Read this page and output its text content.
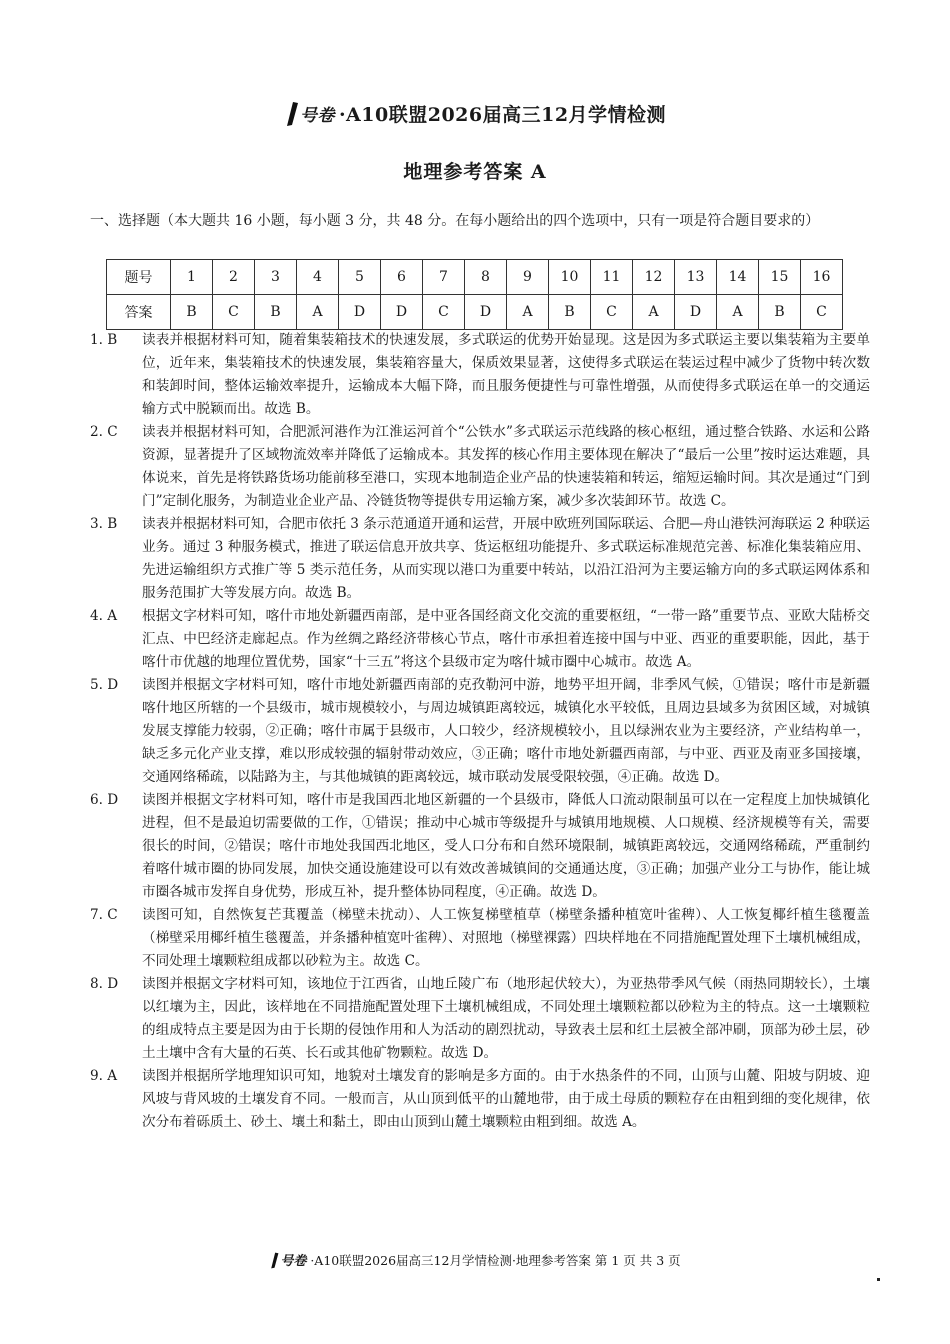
号卷 ·A10联盟2026届高三12月学情检测
地理参考答案 A
一、选择题（本大题共 16 小题，每小题 3 分，共 48 分。在每小题给出的四个选项中，只有一项是符合题目要求的）
题号	1	2	3	4	5	6	7	8	9	10	11	12	13	14	15	16
答案	B	C	B	A	D	D	C	D	A	B	C	A	D	A	B	C
1. B	读表并根据材料可知，随着集装箱技术的快速发展，多式联运的优势开始显现。这是因为多式联运主要以集装箱为主要单位，近年来，集装箱技术的快速发展，集装箱容量大，保质效果显著，这使得多式联运在装运过程中减少了货物中转次数和装卸时间，整体运输效率提升，运输成本大幅下降，而且服务便捷性与可靠性增强，从而使得多式联运在单一的交通运输方式中脱颖而出。故选 B。
2. C	读表并根据材料可知，合肥派河港作为江淮运河首个“公铁水”多式联运示范线路的核心枢纽，通过整合铁路、水运和公路资源，显著提升了区域物流效率并降低了运输成本。其发挥的核心作用主要体现在解决了“最后一公里”按时运达难题，具体说来，首先是将铁路货场功能前移至港口，实现本地制造企业产品的快速装箱和转运，缩短运输时间。其次是通过“门到门”定制化服务，为制造业企业产品、冷链货物等提供专用运输方案，减少多次装卸环节。故选 C。
3. B	读表并根据材料可知，合肥市依托 3 条示范通道开通和运营，开展中欧班列国际联运、合肥—舟山港铁河海联运 2 种联运业务。通过 3 种服务模式，推进了联运信息开放共享、货运枢纽功能提升、多式联运标准规范完善、标准化集装箱应用、先进运输组织方式推广等 5 类示范任务，从而实现以港口为重要中转站，以沿江沿河为主要运输方向的多式联运网体系和服务范围扩大等发展方向。故选 B。
4. A	根据文字材料可知，喀什市地处新疆西南部，是中亚各国经商文化交流的重要枢纽，“一带一路”重要节点、亚欧大陆桥交汇点、中巴经济走廊起点。作为丝绸之路经济带核心节点，喀什市承担着连接中国与中亚、西亚的重要职能，因此，基于喀什市优越的地理位置优势，国家“十三五”将这个县级市定为喀什城市圈中心城市。故选 A。
5. D	读图并根据文字材料可知，喀什市地处新疆西南部的克孜勒河中游，地势平坦开阔，非季风气候，①错误；喀什市是新疆喀什地区所辖的一个县级市，城市规模较小，与周边城镇距离较远，城镇化水平较低，且周边县域多为贫困区域，对城镇发展支撑能力较弱，②正确；喀什市属于县级市，人口较少，经济规模较小，且以绿洲农业为主要经济，产业结构单一，缺乏多元化产业支撑，难以形成较强的辐射带动效应，③正确；喀什市地处新疆西南部，与中亚、西亚及南亚多国接壤，交通网络稀疏，以陆路为主，与其他城镇的距离较远，城市联动发展受限较强，④正确。故选 D。
6. D	读图并根据文字材料可知，喀什市是我国西北地区新疆的一个县级市，降低人口流动限制虽可以在一定程度上加快城镇化进程，但不是最迫切需要做的工作，①错误；推动中心城市等级提升与城镇用地规模、人口规模、经济规模等有关，需要很长的时间，②错误；喀什市地处我国西北地区，受人口分布和自然环境限制，城镇距离较远，交通网络稀疏，严重制约着喀什城市圈的协同发展，加快交通设施建设可以有效改善城镇间的交通通达度，③正确；加强产业分工与协作，能让城市圈各城市发挥自身优势，形成互补，提升整体协同程度，④正确。故选 D。
7. C	读图可知，自然恢复芒萁覆盖（梯壁未扰动）、人工恢复梯壁植草（梯壁条播种植宽叶雀稗）、人工恢复椰纤植生毯覆盖（梯壁采用椰纤植生毯覆盖，并条播种植宽叶雀稗）、对照地（梯壁裸露）四块样地在不同措施配置处理下土壤机械组成，不同处理土壤颗粒组成都以砂粒为主。故选 C。
8. D	读图并根据文字材料可知，该地位于江西省，山地丘陵广布（地形起伏较大），为亚热带季风气候（雨热同期较长），土壤以红壤为主，因此，该样地在不同措施配置处理下土壤机械组成，不同处理土壤颗粒都以砂粒为主的特点。这一土壤颗粒的组成特点主要是因为由于长期的侵蚀作用和人为活动的剧烈扰动，导致表土层和红土层被全部冲刷，顶部为砂土层，砂土土壤中含有大量的石英、长石或其他矿物颗粒。故选 D。
9. A	读图并根据所学地理知识可知，地貌对土壤发育的影响是多方面的。由于水热条件的不同，山顶与山麓、阳坡与阴坡、迎风坡与背风坡的土壤发育不同。一般而言，从山顶到低平的山麓地带，由于成土母质的颗粒存在由粗到细的变化规律，依次分布着砾质土、砂土、壤土和黏土，即由山顶到山麓土壤颗粒由粗到细。故选 A。
号卷 ·A10联盟2026届高三12月学情检测·地理参考答案 第 1 页 共 3 页
